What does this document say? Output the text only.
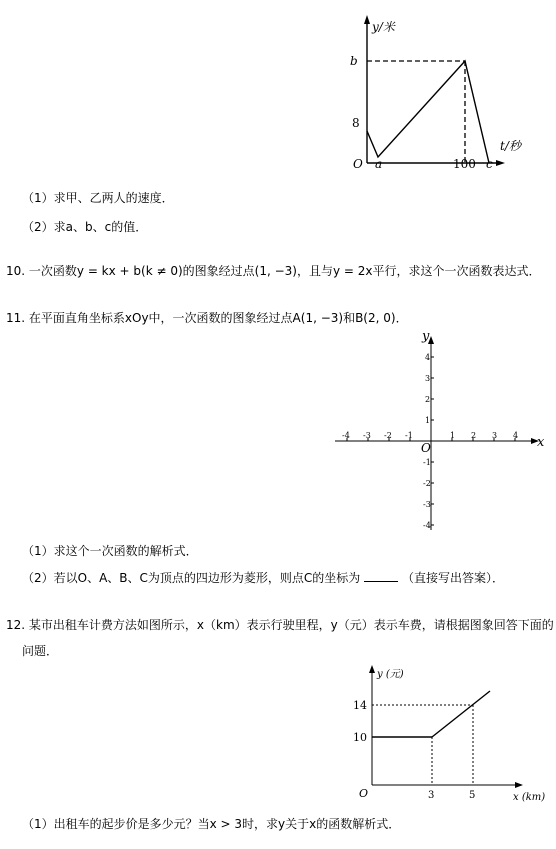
y/米
t/秒
O
b
8
a	100 c
（1）求甲、乙两人的速度．
（2）求a、b、c的值．
10. 一次函数y = kx + b(k ≠ 0)的图象经过点(1, −3)，且与y = 2x平行，求这个一次函数表达式．
11. 在平面直角坐标系xOy中，一次函数的图象经过点A(1, −3)和B(2, 0)．
-4 -3 -2 -1	1 2 3 4
4
3
2
1
-1
-2
-3
-4
x
y
O
（1）求这个一次函数的解析式．
（2）若以O、A、B、C为顶点的四边形为菱形，则点C的坐标为	（直接写出答案）．
12. 某市出租车计费方法如图所示，x（km）表示行驶里程，y（元）表示车费，请根据图象回答下面的
问题．
y (元)
x (km)
O
14
10
3	5
（1）出租车的起步价是多少元？当x > 3时，求y关于x的函数解析式．
